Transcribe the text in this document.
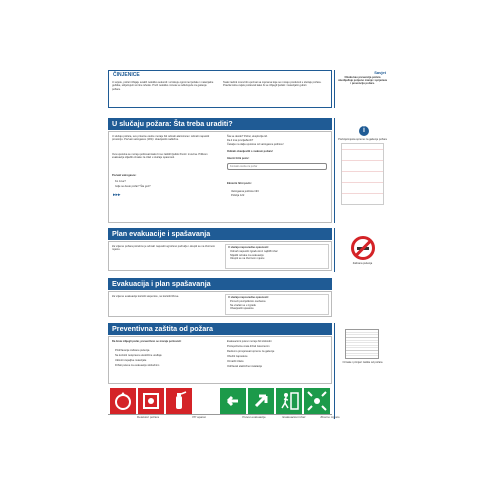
ČINJENICE
U svijetu, požari izbijaju svakih nekoliko sekundi i uzrokuju ogromne ljudske i materijalne gubitke, uključujući smrtne ishode. Prvih nekoliko minuta su odlučujuće za gašenje požara.
Svaki radnik mora biti upoznat sa mjerama koje se moraju preduzeti u slučaju požara. Pravila treba uvijek poštovati kako bi se izbjegli ljudski i materijalni gubici.
Savjet
Obuka kao prevencija požara obezbjeđuje potpuno znanje i sprječava i prevenciju požara.
U slučaju požara: Šta treba uraditi?
U slučaju požara, sve prisutne osobe moraju biti odmah alarmirane i odmah napustiti prostoriju. Pozvati vatrogasce (193) i obavijestiti nadležne.
Ova uputstva se moraju poštovati kako bi se zaštitili ljudski životi i imovina. Prilikom evakuacije slijediti oznake za izlaz u slučaju opasnosti.
Pozvati vatrogasce:
Ko zove?
Gdje se desio požar? Šta gori?
▸▸▸
Šta se desilo? Požar, eksplozija itd.
Da li ima povrijeđenih?
Čekajte na dalja uputstva od vatrogasne jedinice!
Odmah obavijestiti o svakom požaru!
Interni hitni poziv:
Kontakt osoba za požar
Eksterni hitni poziv:
Vatrogasna jedinica 193
Policija 122
i
Pozicije/mjesta opreme za gašenje požara
Plan evakuacije i spašavanja
Za vrijeme požara potrebno je odmah napustiti ugroženo područje i okupiti se na zbornom mjestu.
U slučaju neposredne opasnosti:
Odmah napustiti zgradu kroz najbliži izlaz
Slijediti oznake za evakuaciju
Okupiti se na zbornom mjestu
Zabrana pušenja
Evakuacija i plan spašavanja
Za vrijeme evakuacije koristiti stepenice, ne koristiti liftove.	U slučaju neposredne opasnosti:
Pomoći povrijeđenim osobama
Ne vraćati se u zgradu
Obavijestiti spasioce
Preventivna zaštita od požara
Da biste izbjegli požar, preventivno se moraju poštovati:
Pridržavanje zabrane pušenja
Ne koristiti neispravne električne uređaje
Ukloniti zapaljive materijale
Držati puteve za evakuaciju slobodnim
Evakuacioni putevi moraju biti slobodni
Protupožarna vrata držati zatvorenim
Redovno provjeravati opremu za gašenje
Obučiti zaposlene
Označiti izlaze
Održavati električne instalacije
Oznake i primjeri zaštite od požara
Detektori požara	PP aparat	Putevi evakuacije	Evakuacioni izlaz	Zborno mjesto
